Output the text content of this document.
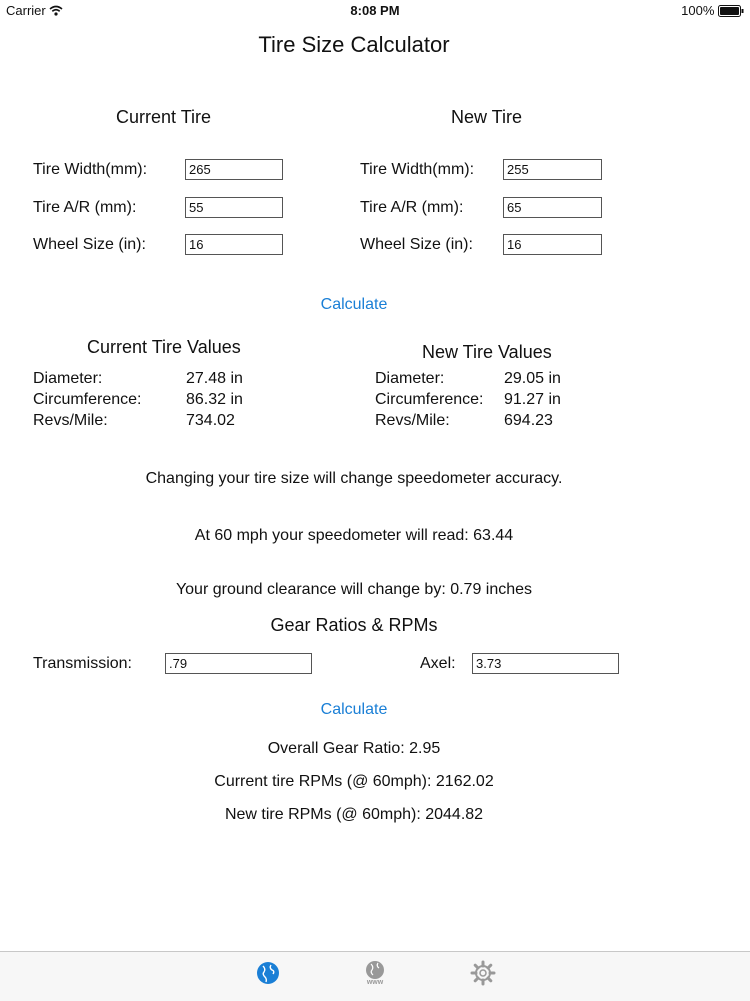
Carrier	8:08 PM	100%
Tire Size Calculator
Current Tire	New Tire
Tire Width(mm):	265
Tire A/R (mm):	55
Wheel Size (in):	16
Tire Width(mm):	255
Tire A/R (mm):	65
Wheel Size (in):	16
Calculate
Current Tire Values
Diameter:	27.48 in
Circumference:	86.32 in
Revs/Mile:	734.02
New Tire Values
Diameter:	29.05 in
Circumference: 91.27 in
Revs/Mile:	694.23
Changing your tire size will change speedometer accuracy.
At 60 mph your speedometer will read: 63.44
Your ground clearance will change by: 0.79 inches
Gear Ratios & RPMs
Transmission:	.79	Axel:	3.73
Calculate
Overall Gear Ratio: 2.95
Current tire RPMs (@ 60mph): 2162.02
New tire RPMs (@ 60mph): 2044.82
www
